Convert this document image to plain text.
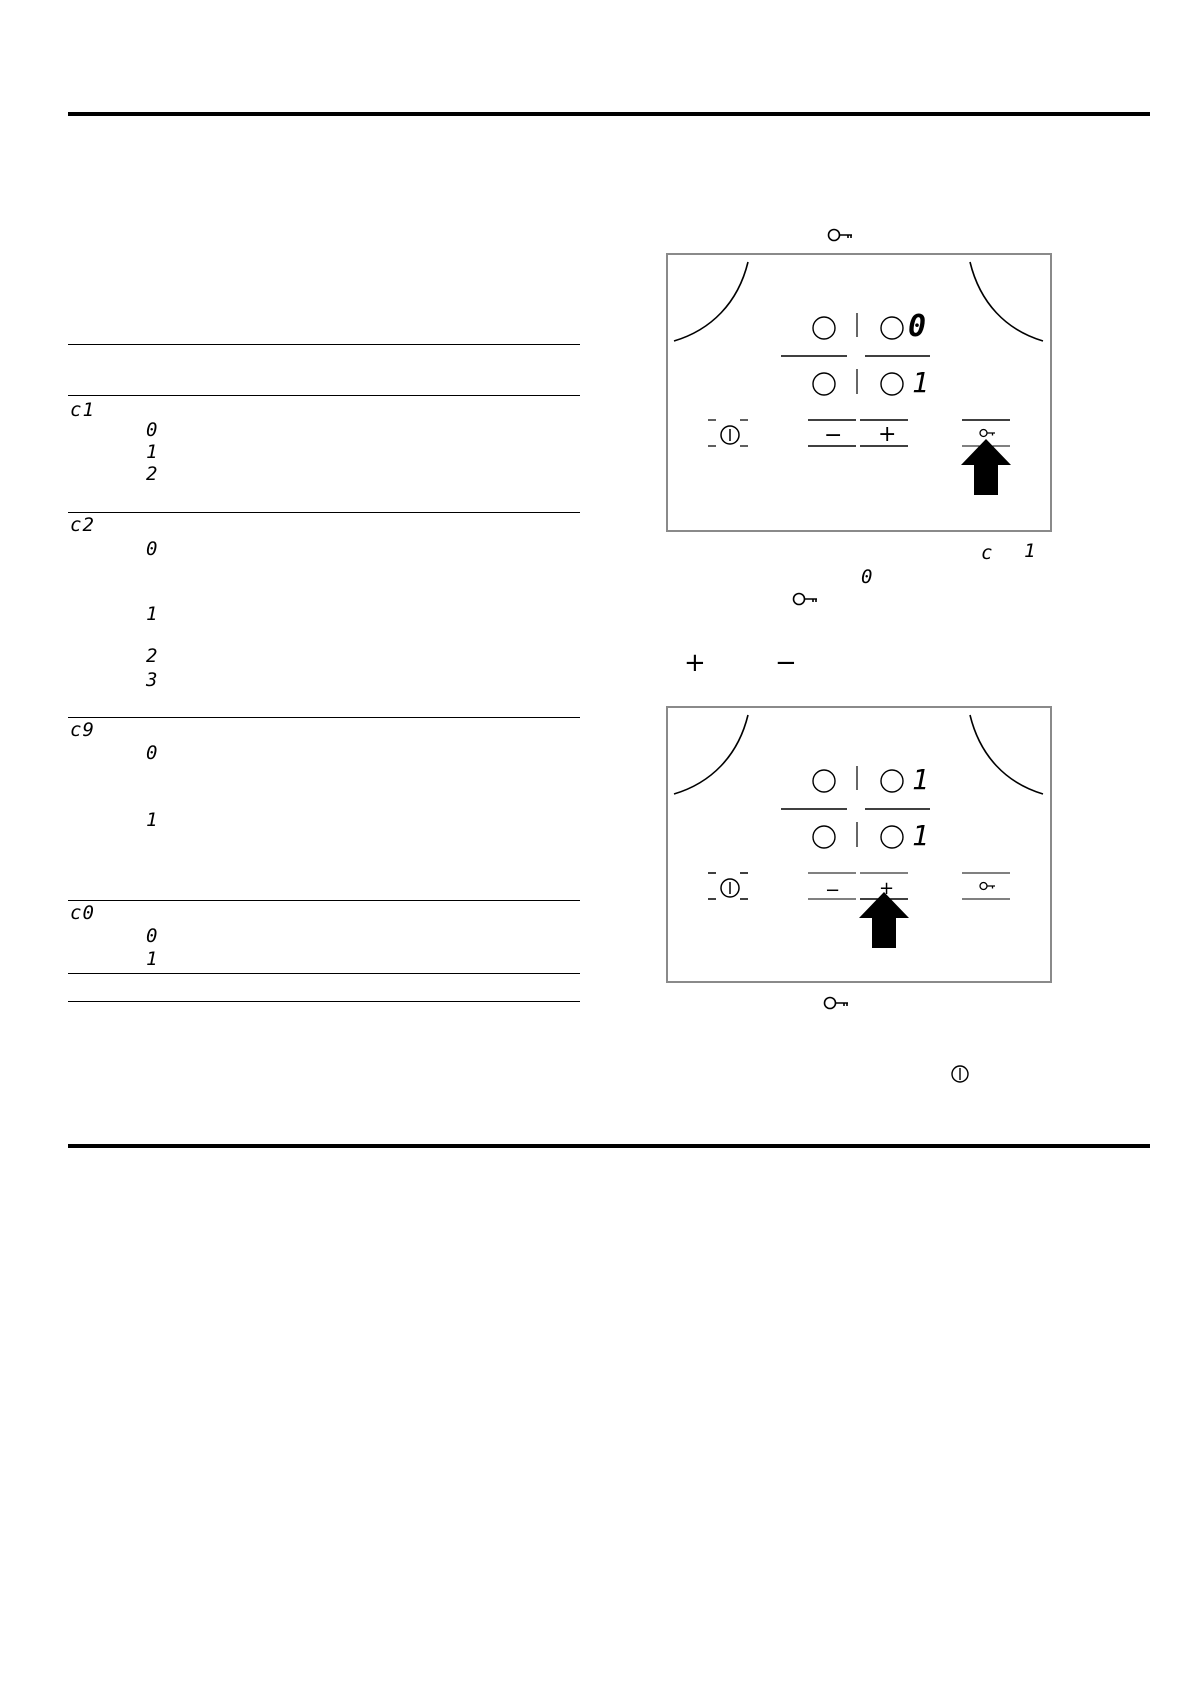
c1
0
1
2
c2
0
1
2
3
c9
0
1
c0
0
1
0
1
− +
c 1
0
+	−
1
1
− +
